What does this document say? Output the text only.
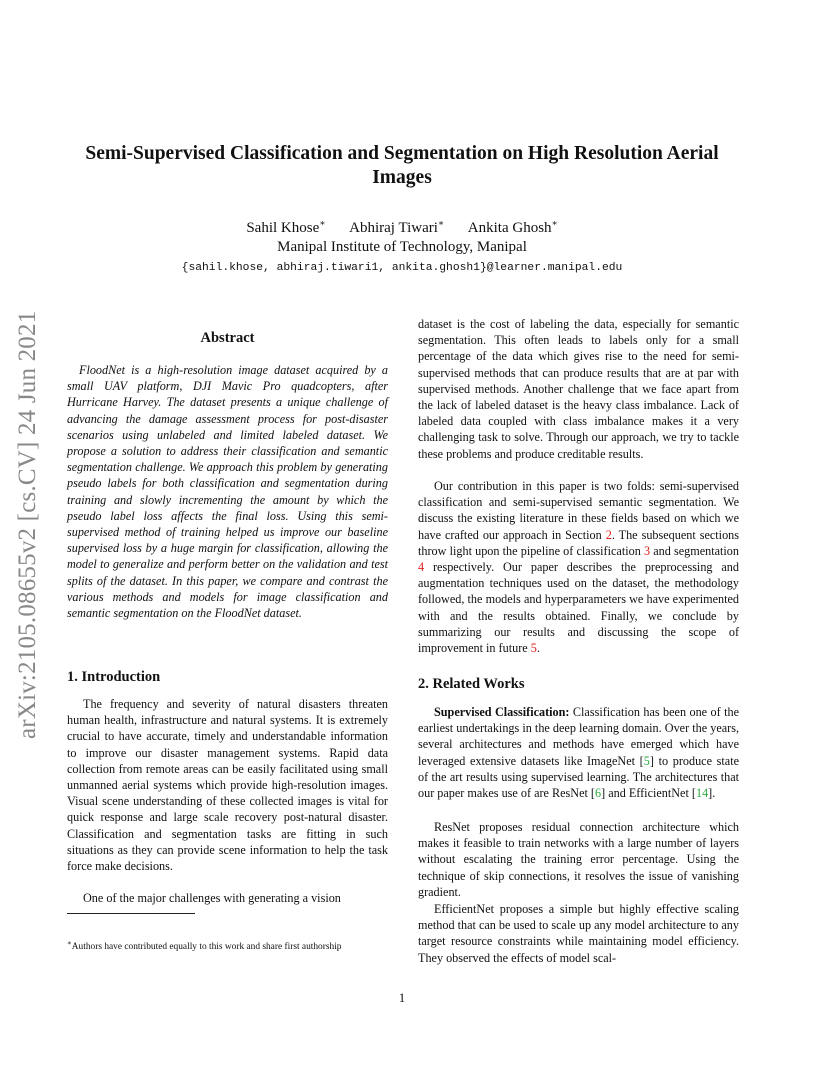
arXiv:2105.08655v2 [cs.CV] 24 Jun 2021
Semi-Supervised Classification and Segmentation on High Resolution Aerial Images
Sahil Khose∗ Abhiraj Tiwari∗ Ankita Ghosh∗
Manipal Institute of Technology, Manipal
{sahil.khose, abhiraj.tiwari1, ankita.ghosh1}@learner.manipal.edu
Abstract
FloodNet is a high-resolution image dataset acquired by a small UAV platform, DJI Mavic Pro quadcopters, after Hurricane Harvey. The dataset presents a unique challenge of advancing the damage assessment process for post-disaster scenarios using unlabeled and limited labeled dataset. We propose a solution to address their classification and semantic segmentation challenge. We approach this problem by generating pseudo labels for both classification and segmentation during training and slowly incrementing the amount by which the pseudo label loss affects the final loss. Using this semi-supervised method of training helped us improve our baseline supervised loss by a huge margin for classification, allowing the model to generalize and perform better on the validation and test splits of the dataset. In this paper, we compare and contrast the various methods and models for image classification and semantic segmentation on the FloodNet dataset.
1. Introduction
The frequency and severity of natural disasters threaten human health, infrastructure and natural systems. It is extremely crucial to have accurate, timely and understandable information to improve our disaster management systems. Rapid data collection from remote areas can be easily facilitated using small unmanned aerial systems which provide high-resolution images. Visual scene understanding of these collected images is vital for quick response and large scale recovery post-natural disaster. Classification and segmentation tasks are fitting in such situations as they can provide scene information to help the task force make decisions.
One of the major challenges with generating a vision
∗Authors have contributed equally to this work and share first authorship
dataset is the cost of labeling the data, especially for semantic segmentation. This often leads to labels only for a small percentage of the data which gives rise to the need for semi-supervised methods that can produce results that are at par with supervised methods. Another challenge that we face apart from the lack of labeled dataset is the heavy class imbalance. Lack of labeled data coupled with class imbalance makes it a very challenging task to solve. Through our approach, we try to tackle these problems and produce creditable results.
Our contribution in this paper is two folds: semi-supervised classification and semi-supervised semantic segmentation. We discuss the existing literature in these fields based on which we have crafted our approach in Section 2. The subsequent sections throw light upon the pipeline of classification 3 and segmentation 4 respectively. Our paper describes the preprocessing and augmentation techniques used on the dataset, the methodology followed, the models and hyperparameters we have experimented with and the results obtained. Finally, we conclude by summarizing our results and discussing the scope of improvement in future 5.
2. Related Works
Supervised Classification: Classification has been one of the earliest undertakings in the deep learning domain. Over the years, several architectures and methods have emerged which have leveraged extensive datasets like ImageNet [5] to produce state of the art results using supervised learning. The architectures that our paper makes use of are ResNet [6] and EfficientNet [14].
ResNet proposes residual connection architecture which makes it feasible to train networks with a large number of layers without escalating the training error percentage. Using the technique of skip connections, it resolves the issue of vanishing gradient.
EfficientNet proposes a simple but highly effective scaling method that can be used to scale up any model architecture to any target resource constraints while maintaining model efficiency. They observed the effects of model scal-
1
